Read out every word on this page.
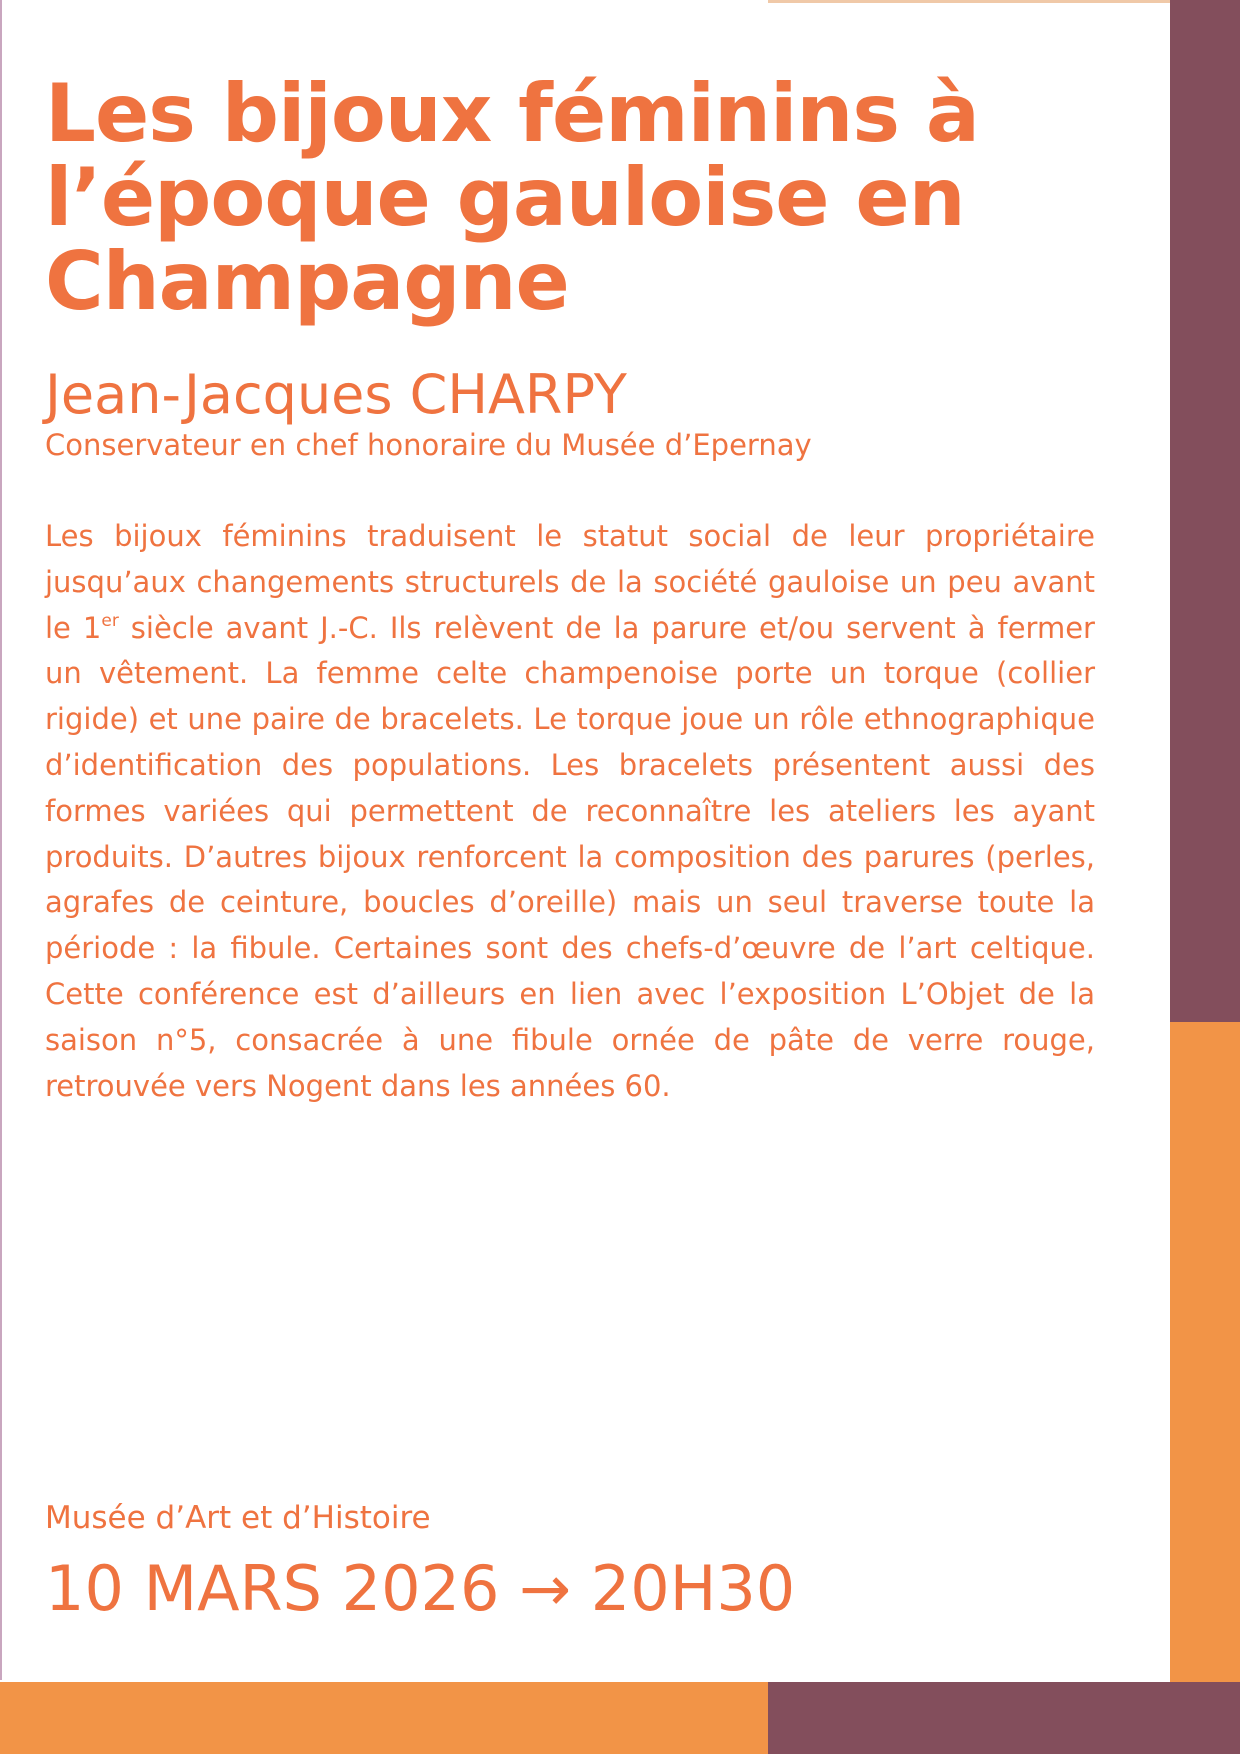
Les bijoux féminins à l’époque gauloise en Champagne
Jean-Jacques CHARPY
Conservateur en chef honoraire du Musée d’Epernay

Les bijoux féminins traduisent le statut social de leur propriétaire jusqu’aux changements structurels de la société gauloise un peu avant le 1er siècle avant J.-C. Ils relèvent de la parure et/ou servent à fermer un vêtement. La femme celte champenoise porte un torque (collier rigide) et une paire de bracelets. Le torque joue un rôle ethnographique d’identification des populations. Les bracelets présentent aussi des formes variées qui permettent de reconnaître les ateliers les ayant produits. D’autres bijoux renforcent la composition des parures (perles, agrafes de ceinture, boucles d’oreille) mais un seul traverse toute la période : la fibule. Certaines sont des chefs-d’œuvre de l’art celtique. Cette conférence est d’ailleurs en lien avec l’exposition L’Objet de la saison n°5, consacrée à une fibule ornée de pâte de verre rouge, retrouvée vers Nogent dans les années 60.

Musée d’Art et d’Histoire
10 MARS 2026 → 20H30
